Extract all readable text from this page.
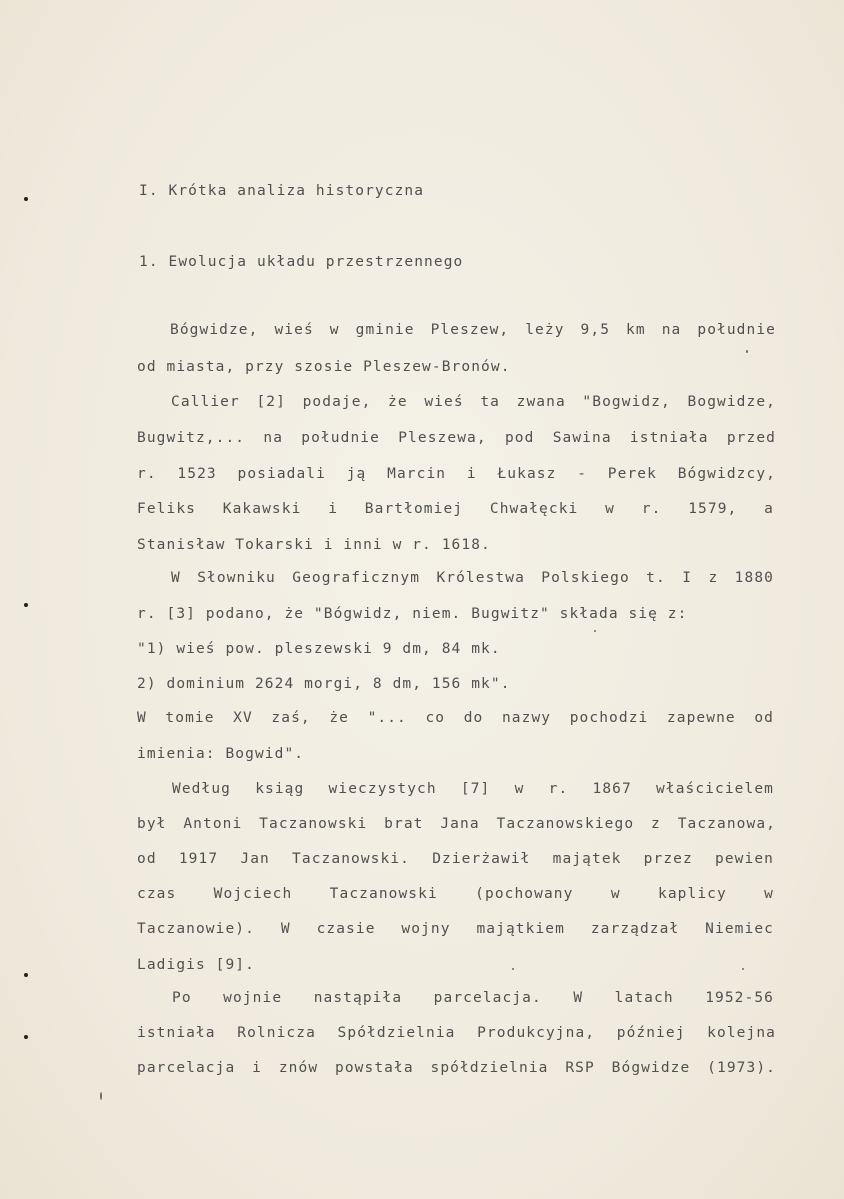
I. Krótka analiza historyczna
1. Ewolucja układu przestrzennego
Bógwidze, wieś w gminie Pleszew, leży 9,5 km na południe
od miasta, przy szosie Pleszew-Bronów.
Callier [2] podaje, że wieś ta zwana "Bogwidz, Bogwidze,
Bugwitz,... na południe Pleszewa, pod Sawina istniała przed
r. 1523 posiadali ją Marcin i Łukasz - Perek Bógwidzcy,
Feliks Kakawski i Bartłomiej Chwałęcki w r. 1579, a
Stanisław Tokarski i inni w r. 1618.
W Słowniku Geograficznym Królestwa Polskiego t. I z 1880
r. [3] podano, że "Bógwidz, niem. Bugwitz" składa się z:
"1) wieś pow. pleszewski 9 dm, 84 mk.
2) dominium 2624 morgi, 8 dm, 156 mk".
W tomie XV zaś, że "... co do nazwy pochodzi zapewne od
imienia: Bogwid".
Według ksiąg wieczystych [7] w r. 1867 właścicielem
był Antoni Taczanowski brat Jana Taczanowskiego z Taczanowa,
od 1917 Jan Taczanowski. Dzierżawił majątek przez pewien
czas Wojciech Taczanowski (pochowany w kaplicy w
Taczanowie). W czasie wojny majątkiem zarządzał Niemiec
Ladigis [9].
Po wojnie nastąpiła parcelacja. W latach 1952-56
istniała Rolnicza Spółdzielnia Produkcyjna, później kolejna
parcelacja i znów powstała spółdzielnia RSP Bógwidze (1973).
